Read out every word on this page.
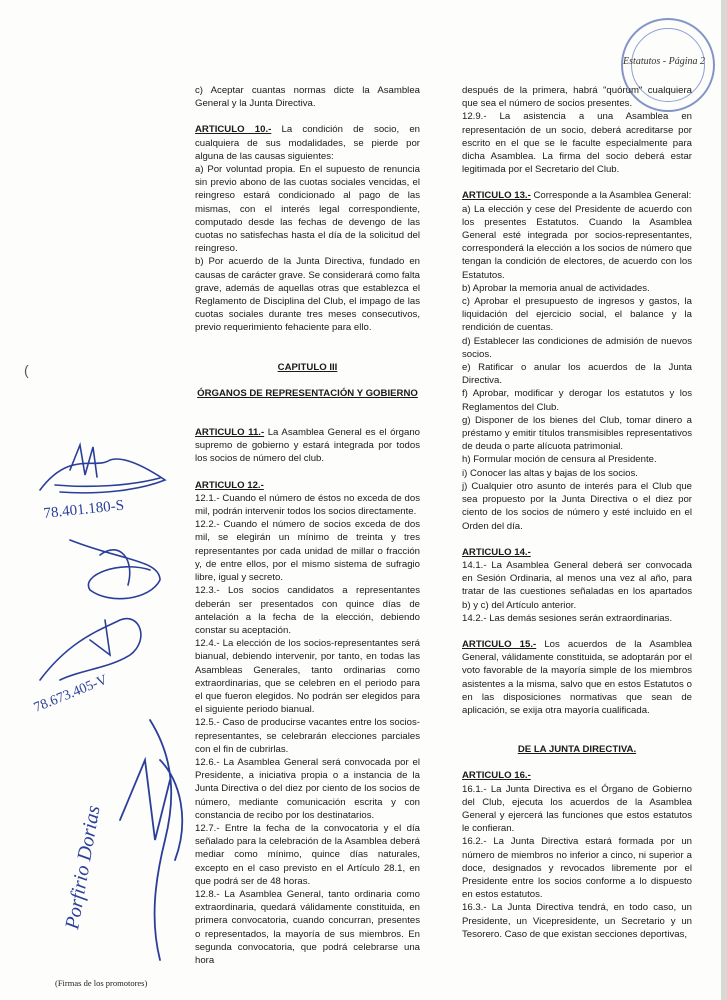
Estatutos - Página 2
(

c) Aceptar cuantas normas dicte la Asamblea General y la Junta Directiva.

ARTICULO 10.- La condición de socio, en cualquiera de sus modalidades, se pierde por alguna de las causas siguientes:

a) Por voluntad propia. En el supuesto de renuncia sin previo abono de las cuotas sociales vencidas, el reingreso estará condicionado al pago de las mismas, con el interés legal correspondiente, computado desde las fechas de devengo de las cuotas no satisfechas hasta el día de la solicitud del reingreso.

b) Por acuerdo de la Junta Directiva, fundado en causas de carácter grave. Se considerará como falta grave, además de aquellas otras que establezca el Reglamento de Disciplina del Club, el impago de las cuotas sociales durante tres meses consecutivos, previo requerimiento fehaciente para ello.

CAPITULO III

ÓRGANOS DE REPRESENTACIÓN Y GOBIERNO

ARTICULO 11.- La Asamblea General es el órgano supremo de gobierno y estará integrada por todos los socios de número del club.

ARTICULO 12.-

12.1.- Cuando el número de éstos no exceda de dos mil, podrán intervenir todos los socios directamente.

12.2.- Cuando el número de socios exceda de dos mil, se elegirán un mínimo de treinta y tres representantes por cada unidad de millar o fracción y, de entre ellos, por el mismo sistema de sufragio libre, igual y secreto.

12.3.- Los socios candidatos a representantes deberán ser presentados con quince días de antelación a la fecha de la elección, debiendo constar su aceptación.

12.4.- La elección de los socios-representantes será bianual, debiendo intervenir, por tanto, en todas las Asambleas Generales, tanto ordinarias como extraordinarias, que se celebren en el periodo para el que fueron elegidos. No podrán ser elegidos para el siguiente periodo bianual.

12.5.- Caso de producirse vacantes entre los socios-representantes, se celebrarán elecciones parciales con el fin de cubrirlas.

12.6.- La Asamblea General será convocada por el Presidente, a iniciativa propia o a instancia de la Junta Directiva o del diez por ciento de los socios de número, mediante comunicación escrita y con constancia de recibo por los destinatarios.

12.7.- Entre la fecha de la convocatoria y el día señalado para la celebración de la Asamblea deberá mediar como mínimo, quince días naturales, excepto en el caso previsto en el Artículo 28.1, en que podrá ser de 48 horas.

12.8.- La Asamblea General, tanto ordinaria como extraordinaria, quedará válidamente constituida, en primera convocatoria, cuando concurran, presentes o representados, la mayoría de sus miembros. En segunda convocatoria, que podrá celebrarse una hora

después de la primera, habrá "quórum" cualquiera que sea el número de socios presentes.

12.9.- La asistencia a una Asamblea en representación de un socio, deberá acreditarse por escrito en el que se le faculte especialmente para dicha Asamblea. La firma del socio deberá estar legitimada por el Secretario del Club.

ARTICULO 13.- Corresponde a la Asamblea General:

a) La elección y cese del Presidente de acuerdo con los presentes Estatutos. Cuando la Asamblea General esté integrada por socios-representantes, corresponderá la elección a los socios de número que tengan la condición de electores, de acuerdo con los Estatutos.

b) Aprobar la memoria anual de actividades.

c) Aprobar el presupuesto de ingresos y gastos, la liquidación del ejercicio social, el balance y la rendición de cuentas.

d) Establecer las condiciones de admisión de nuevos socios.

e) Ratificar o anular los acuerdos de la Junta Directiva.

f) Aprobar, modificar y derogar los estatutos y los Reglamentos del Club.

g) Disponer de los bienes del Club, tomar dinero a préstamo y emitir títulos transmisibles representativos de deuda o parte alícuota patrimonial.

h) Formular moción de censura al Presidente.

i) Conocer las altas y bajas de los socios.

j) Cualquier otro asunto de interés para el Club que sea propuesto por la Junta Directiva o el diez por ciento de los socios de número y esté incluido en el Orden del día.

ARTICULO 14.-

14.1.- La Asamblea General deberá ser convocada en Sesión Ordinaria, al menos una vez al año, para tratar de las cuestiones señaladas en los apartados b) y c) del Artículo anterior.

14.2.- Las demás sesiones serán extraordinarias.

ARTICULO 15.- Los acuerdos de la Asamblea General, válidamente constituida, se adoptarán por el voto favorable de la mayoría simple de los miembros asistentes a la misma, salvo que en estos Estatutos o en las disposiciones normativas que sean de aplicación, se exija otra mayoría cualificada.

DE LA JUNTA DIRECTIVA.

ARTICULO 16.-

16.1.- La Junta Directiva es el Órgano de Gobierno del Club, ejecuta los acuerdos de la Asamblea General y ejercerá las funciones que estos estatutos le confieran.

16.2.- La Junta Directiva estará formada por un número de miembros no inferior a cinco, ni superior a doce, designados y revocados libremente por el Presidente entre los socios conforme a lo dispuesto en estos estatutos.

16.3.- La Junta Directiva tendrá, en todo caso, un Presidente, un Vicepresidente, un Secretario y un Tesorero. Caso de que existan secciones deportivas,

(Firmas de los promotores)
78.401.180-S
78.673.405-V
Porfirio Dorias
